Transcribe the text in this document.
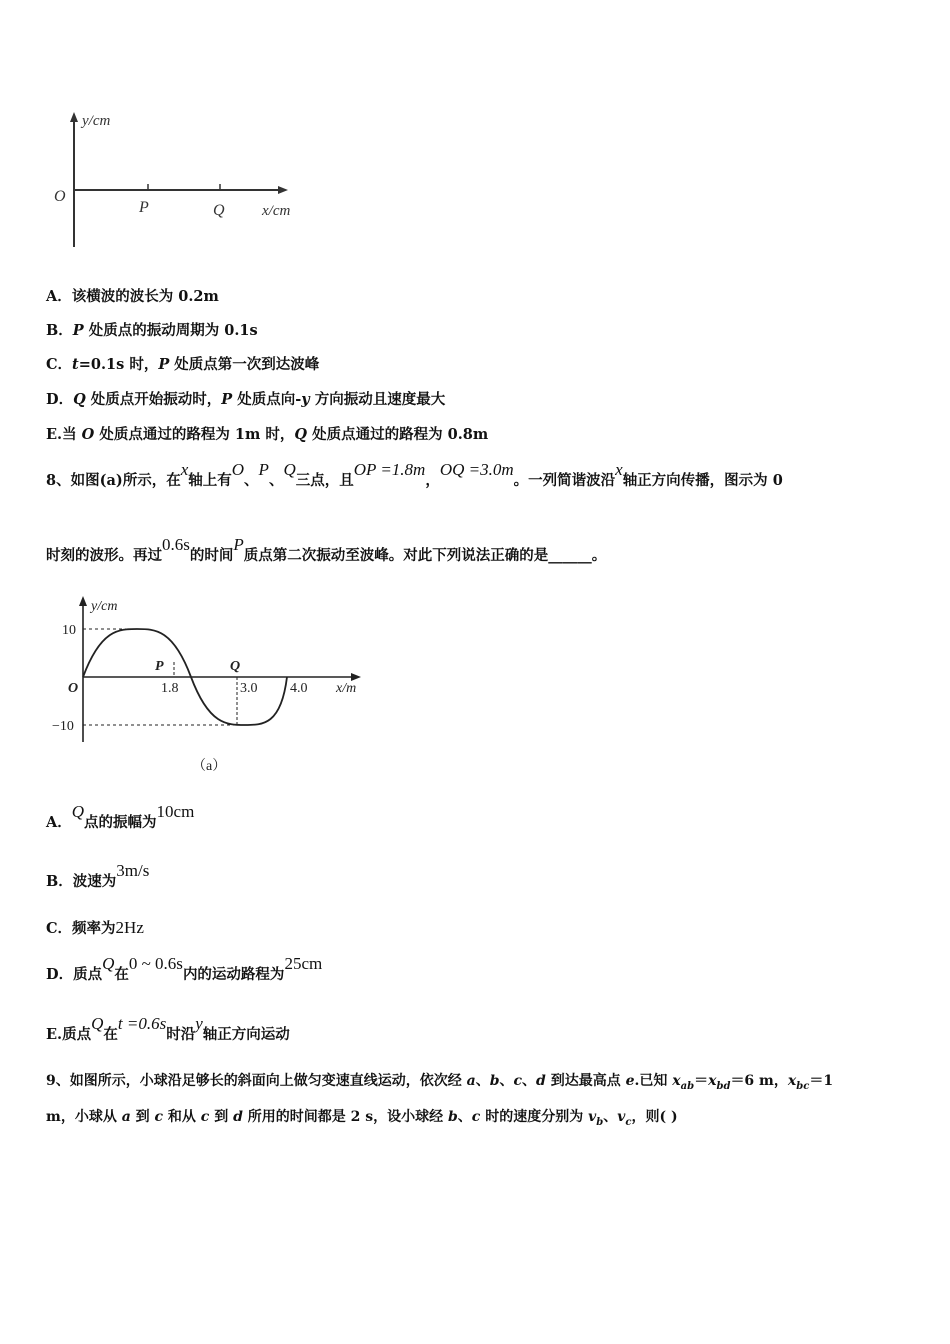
y/cm
O
P	Q x/cm
A．该横波的波长为 0.2m
B．P 处质点的振动周期为 0.1s
C．t=0.1s 时，P 处质点第一次到达波峰
D．Q 处质点开始振动时，P 处质点向-y 方向振动且速度最大
E.当 O 处质点通过的路程为 1m 时，Q 处质点通过的路程为 0.8m
8、如图(a)所示，在x轴上有O、P、Q三点，且OP =1.8m，OQ =3.0m。一列简谐波沿x轴正方向传播，图示为 0
时刻的波形。再过0.6s的时间P质点第二次振动至波峰。对此下列说法正确的是______。
y/cm
10
−10
O
P	Q
1.8	3.0 4.0 x/m
（a）
A．Q点的振幅为10cm
B．波速为3m/s
C．频率为2Hz
D．质点Q在0 ~ 0.6s内的运动路程为25cm
E.质点Q在t =0.6s时沿y轴正方向运动
9、如图所示，小球沿足够长的斜面向上做匀变速直线运动，依次经 a、b、c、d 到达最高点 e.已知 $x_{ab}=x_{bd}=6$ m，$x_{bc}=1$
m，小球从 a 到 c 和从 c 到 d 所用的时间都是 2 s，设小球经 b、c 时的速度分别为 $v_b$、$v_c$，则( )
